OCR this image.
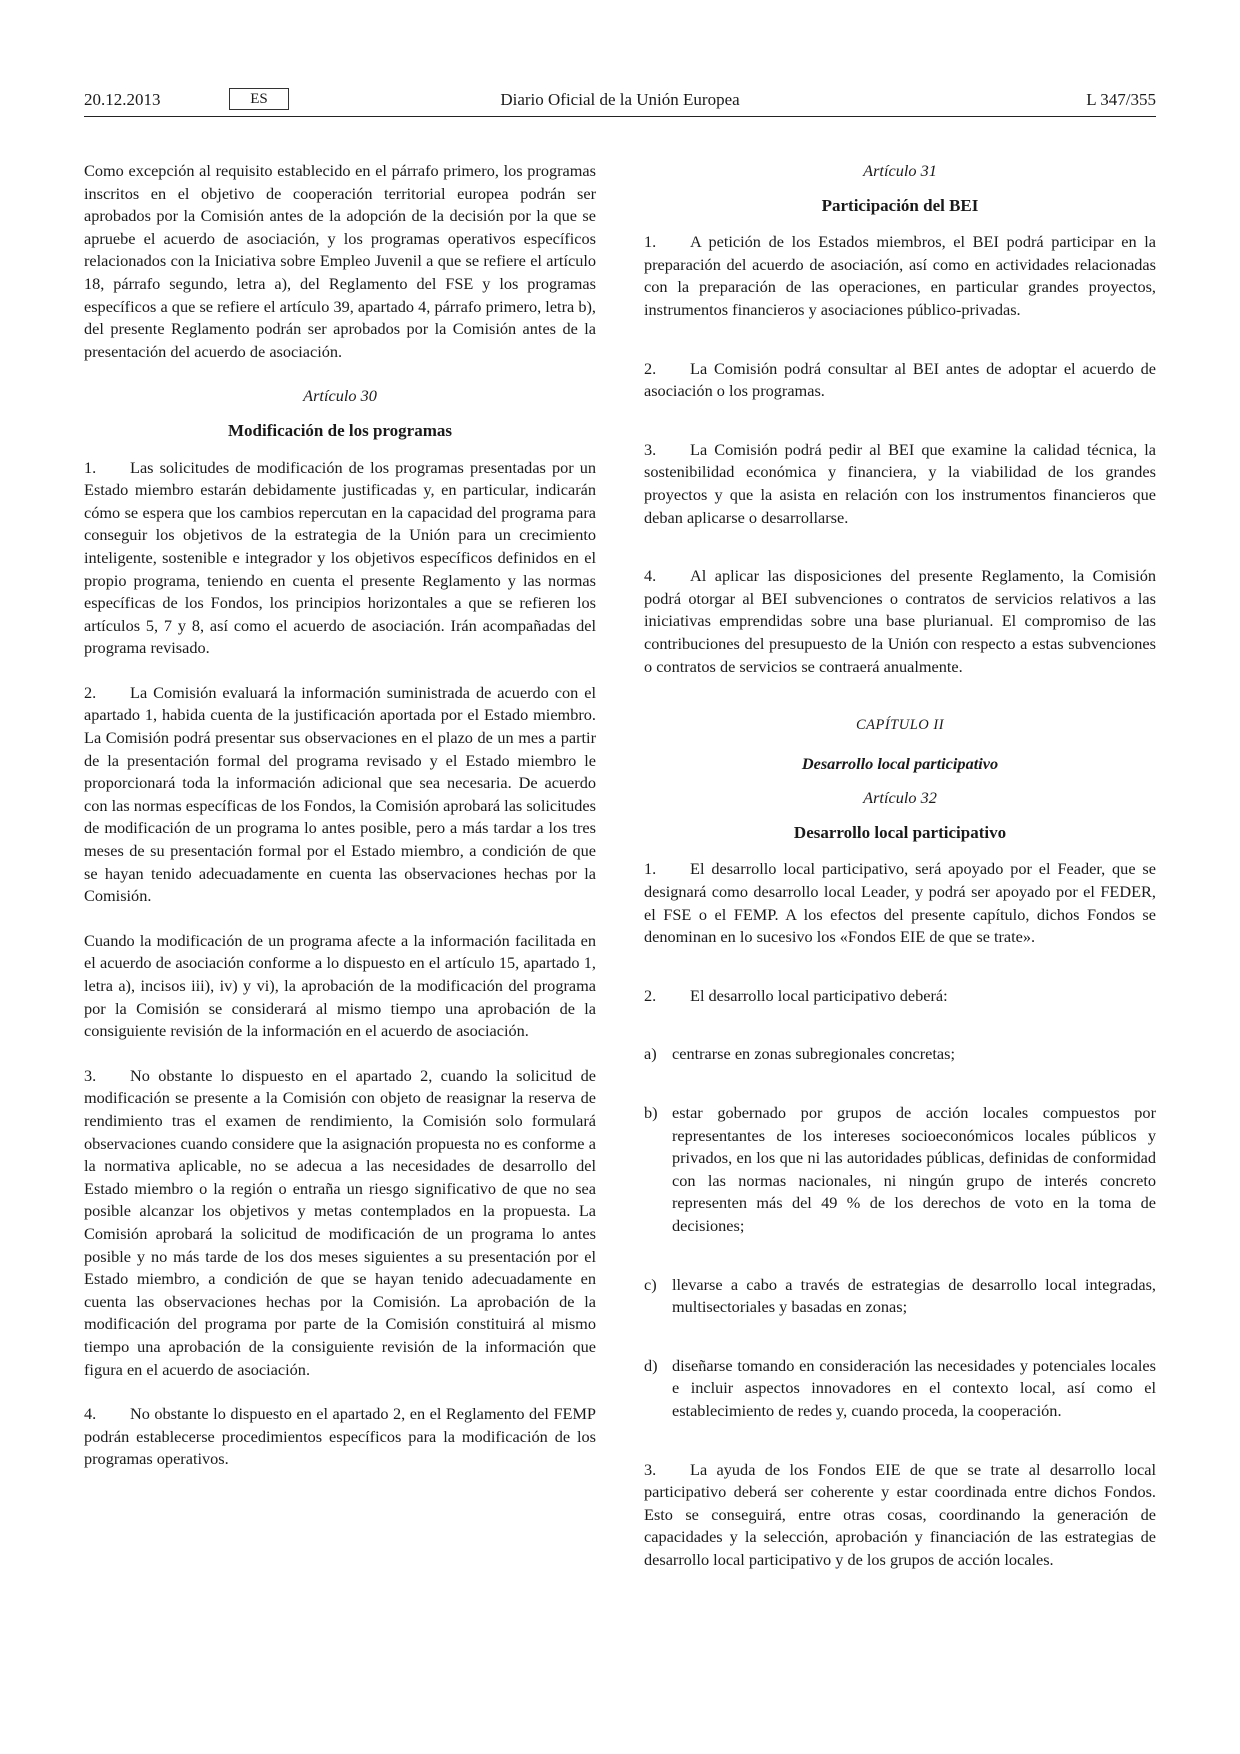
20.12.2013	ES	Diario Oficial de la Unión Europea	L 347/355

Como excepción al requisito establecido en el párrafo primero, los programas inscritos en el objetivo de cooperación territorial europea podrán ser aprobados por la Comisión antes de la adopción de la decisión por la que se apruebe el acuerdo de asociación, y los programas operativos específicos relacionados con la Iniciativa sobre Empleo Juvenil a que se refiere el artículo 18, párrafo segundo, letra a), del Reglamento del FSE y los programas específicos a que se refiere el artículo 39, apartado 4, párrafo primero, letra b), del presente Reglamento podrán ser aprobados por la Comisión antes de la presentación del acuerdo de asociación.

Artículo 30
Modificación de los programas

1. Las solicitudes de modificación de los programas presentadas por un Estado miembro estarán debidamente justificadas y, en particular, indicarán cómo se espera que los cambios repercutan en la capacidad del programa para conseguir los objetivos de la estrategia de la Unión para un crecimiento inteligente, sostenible e integrador y los objetivos específicos definidos en el propio programa, teniendo en cuenta el presente Reglamento y las normas específicas de los Fondos, los principios horizontales a que se refieren los artículos 5, 7 y 8, así como el acuerdo de asociación. Irán acompañadas del programa revisado.

2. La Comisión evaluará la información suministrada de acuerdo con el apartado 1, habida cuenta de la justificación aportada por el Estado miembro. La Comisión podrá presentar sus observaciones en el plazo de un mes a partir de la presentación formal del programa revisado y el Estado miembro le proporcionará toda la información adicional que sea necesaria. De acuerdo con las normas específicas de los Fondos, la Comisión aprobará las solicitudes de modificación de un programa lo antes posible, pero a más tardar a los tres meses de su presentación formal por el Estado miembro, a condición de que se hayan tenido adecuadamente en cuenta las observaciones hechas por la Comisión.

Cuando la modificación de un programa afecte a la información facilitada en el acuerdo de asociación conforme a lo dispuesto en el artículo 15, apartado 1, letra a), incisos iii), iv) y vi), la aprobación de la modificación del programa por la Comisión se considerará al mismo tiempo una aprobación de la consiguiente revisión de la información en el acuerdo de asociación.

3. No obstante lo dispuesto en el apartado 2, cuando la solicitud de modificación se presente a la Comisión con objeto de reasignar la reserva de rendimiento tras el examen de rendimiento, la Comisión solo formulará observaciones cuando considere que la asignación propuesta no es conforme a la normativa aplicable, no se adecua a las necesidades de desarrollo del Estado miembro o la región o entraña un riesgo significativo de que no sea posible alcanzar los objetivos y metas contemplados en la propuesta. La Comisión aprobará la solicitud de modificación de un programa lo antes posible y no más tarde de los dos meses siguientes a su presentación por el Estado miembro, a condición de que se hayan tenido adecuadamente en cuenta las observaciones hechas por la Comisión. La aprobación de la modificación del programa por parte de la Comisión constituirá al mismo tiempo una aprobación de la consiguiente revisión de la información que figura en el acuerdo de asociación.

4. No obstante lo dispuesto en el apartado 2, en el Reglamento del FEMP podrán establecerse procedimientos específicos para la modificación de los programas operativos.

Artículo 31
Participación del BEI

1. A petición de los Estados miembros, el BEI podrá participar en la preparación del acuerdo de asociación, así como en actividades relacionadas con la preparación de las operaciones, en particular grandes proyectos, instrumentos financieros y asociaciones público-privadas.

2. La Comisión podrá consultar al BEI antes de adoptar el acuerdo de asociación o los programas.

3. La Comisión podrá pedir al BEI que examine la calidad técnica, la sostenibilidad económica y financiera, y la viabilidad de los grandes proyectos y que la asista en relación con los instrumentos financieros que deban aplicarse o desarrollarse.

4. Al aplicar las disposiciones del presente Reglamento, la Comisión podrá otorgar al BEI subvenciones o contratos de servicios relativos a las iniciativas emprendidas sobre una base plurianual. El compromiso de las contribuciones del presupuesto de la Unión con respecto a estas subvenciones o contratos de servicios se contraerá anualmente.

CAPÍTULO II
Desarrollo local participativo
Artículo 32
Desarrollo local participativo

1. El desarrollo local participativo, será apoyado por el Feader, que se designará como desarrollo local Leader, y podrá ser apoyado por el FEDER, el FSE o el FEMP. A los efectos del presente capítulo, dichos Fondos se denominan en lo sucesivo los «Fondos EIE de que se trate».

2. El desarrollo local participativo deberá:

a) centrarse en zonas subregionales concretas;
b) estar gobernado por grupos de acción locales compuestos por representantes de los intereses socioeconómicos locales públicos y privados, en los que ni las autoridades públicas, definidas de conformidad con las normas nacionales, ni ningún grupo de interés concreto representen más del 49 % de los derechos de voto en la toma de decisiones;
c) llevarse a cabo a través de estrategias de desarrollo local integradas, multisectoriales y basadas en zonas;
d) diseñarse tomando en consideración las necesidades y potenciales locales e incluir aspectos innovadores en el contexto local, así como el establecimiento de redes y, cuando proceda, la cooperación.

3. La ayuda de los Fondos EIE de que se trate al desarrollo local participativo deberá ser coherente y estar coordinada entre dichos Fondos. Esto se conseguirá, entre otras cosas, coordinando la generación de capacidades y la selección, aprobación y financiación de las estrategias de desarrollo local participativo y de los grupos de acción locales.
